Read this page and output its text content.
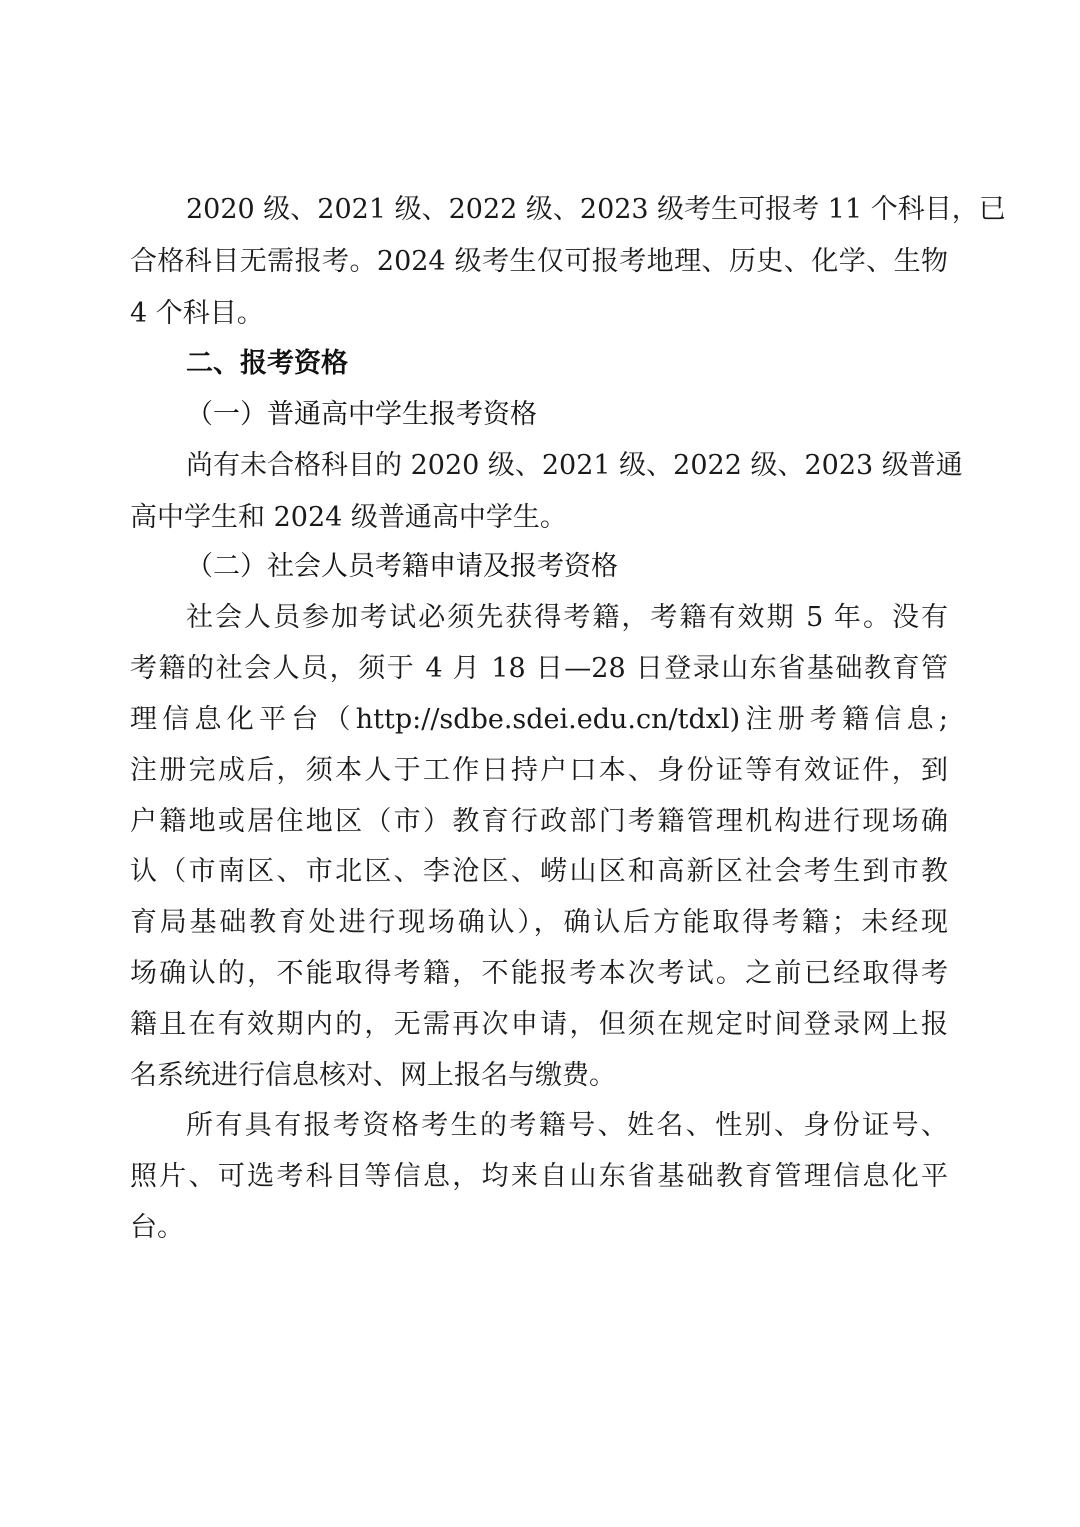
2020 级、2021 级、2022 级、2023 级考生可报考 11 个科目，已
合格科目无需报考。2024 级考生仅可报考地理、历史、化学、生物
4 个科目。
二、报考资格
（一）普通高中学生报考资格
尚有未合格科目的 2020 级、2021 级、2022 级、2023 级普通
高中学生和 2024 级普通高中学生。
（二）社会人员考籍申请及报考资格
社会人员参加考试必须先获得考籍，考籍有效期 5 年。没有
考籍的社会人员，须于 4 月 18 日—28 日登录山东省基础教育管
理信息化平台（http://sdbe.sdei.edu.cn/tdxl)注册考籍信息;
注册完成后，须本人于工作日持户口本、身份证等有效证件，到
户籍地或居住地区（市）教育行政部门考籍管理机构进行现场确
认（市南区、市北区、李沧区、崂山区和高新区社会考生到市教
育局基础教育处进行现场确认），确认后方能取得考籍；未经现
场确认的，不能取得考籍，不能报考本次考试。之前已经取得考
籍且在有效期内的，无需再次申请，但须在规定时间登录网上报
名系统进行信息核对、网上报名与缴费。
所有具有报考资格考生的考籍号、姓名、性别、身份证号、
照片、可选考科目等信息，均来自山东省基础教育管理信息化平
台。
